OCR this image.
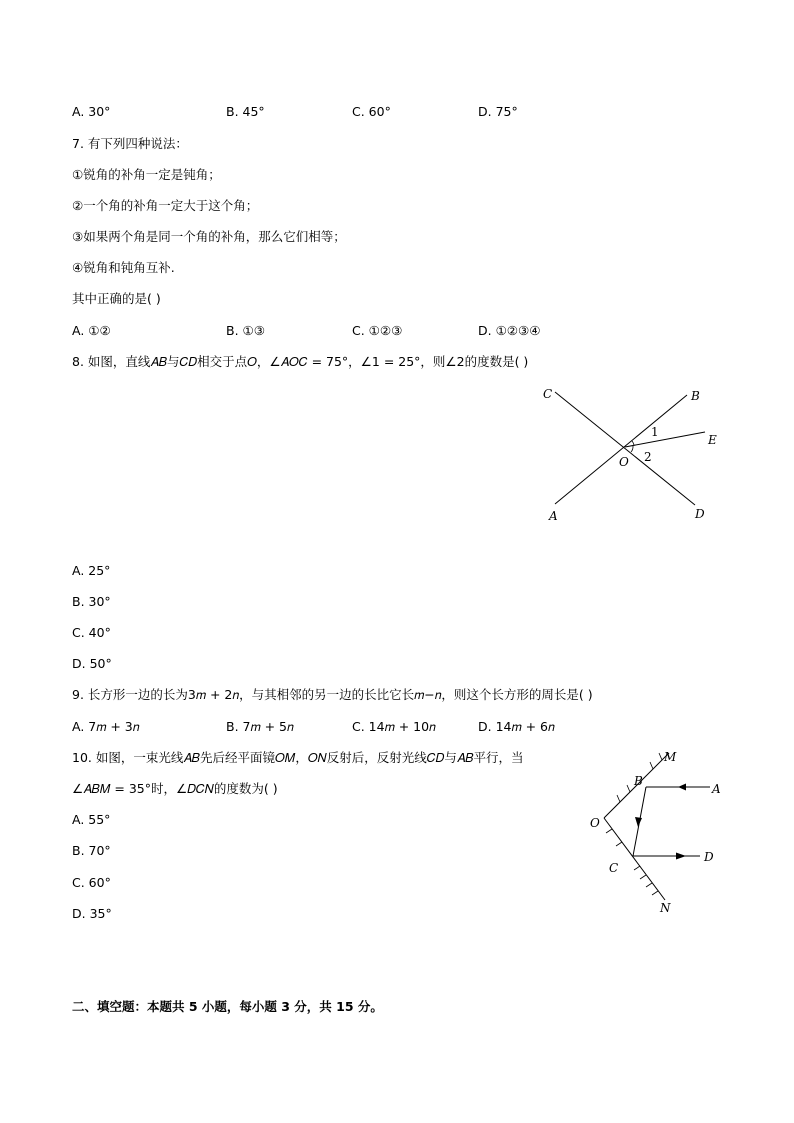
A. 30°	B. 45°	C. 60°	D. 75°
7. 有下列四种说法：
①锐角的补角一定是钝角；
②一个角的补角一定大于这个角；
③如果两个角是同一个角的补角，那么它们相等；
④锐角和钝角互补.
其中正确的是( )
A. ①②	B. ①③	C. ①②③	D. ①②③④
8. 如图，直线𝐴𝐵与𝐶𝐷相交于点𝑂，∠𝐴𝑂𝐶 = 75°，∠1 = 25°，则∠2的度数是( )
C	B
E
O
A	D
1
2
A. 25°
B. 30°
C. 40°
D. 50°
9. 长方形一边的长为3𝑚 + 2𝑛，与其相邻的另一边的长比它长𝑚−𝑛，则这个长方形的周长是( )
A. 7𝑚 + 3𝑛	B. 7𝑚 + 5𝑛	C. 14𝑚 + 10𝑛	D. 14𝑚 + 6𝑛
10. 如图，一束光线𝐴𝐵先后经平面镜𝑂𝑀，𝑂𝑁反射后，反射光线𝐶𝐷与𝐴𝐵平行，当
∠𝐴𝐵𝑀 = 35°时，∠𝐷𝐶𝑁的度数为( )
A. 55°
B. 70°
C. 60°
D. 35°
M
B
A
O
D
C
N
二、填空题：本题共 5 小题，每小题 3 分，共 15 分。
